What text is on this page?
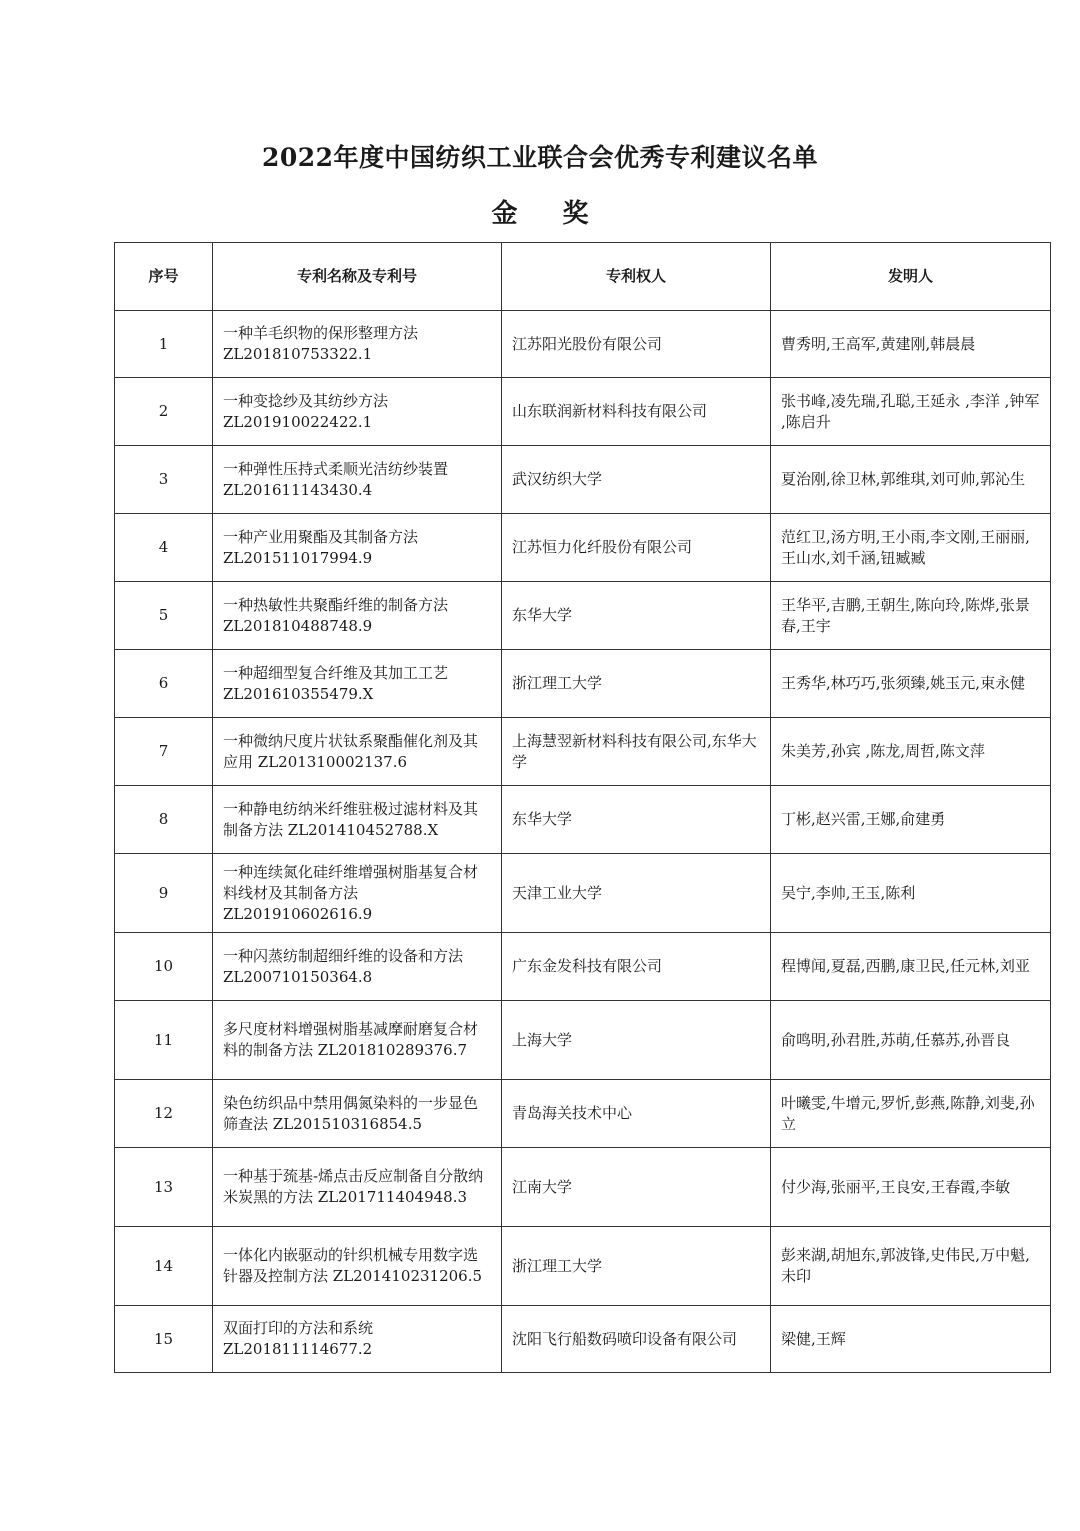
2022年度中国纺织工业联合会优秀专利建议名单
金 奖
序号	专利名称及专利号	专利权人	发明人
1	一种羊毛织物的保形整理方法 ZL201810753322.1	江苏阳光股份有限公司	曹秀明,王高军,黄建刚,韩晨晨
2	一种变捻纱及其纺纱方法 ZL201910022422.1	山东联润新材料科技有限公司	张书峰,凌先瑞,孔聪,王延永 ,李洋 ,钟军 ,陈启升
3	一种弹性压持式柔顺光洁纺纱装置 ZL201611143430.4	武汉纺织大学	夏治刚,徐卫林,郭维琪,刘可帅,郭沁生
4	一种产业用聚酯及其制备方法 ZL201511017994.9	江苏恒力化纤股份有限公司	范红卫,汤方明,王小雨,李文刚,王丽丽,王山水,刘千涵,钮臧臧
5	一种热敏性共聚酯纤维的制备方法 ZL201810488748.9	东华大学	王华平,吉鹏,王朝生,陈向玲,陈烨,张景春,王宇
6	一种超细型复合纤维及其加工工艺 ZL201610355479.X	浙江理工大学	王秀华,林巧巧,张须臻,姚玉元,束永健
7	一种微纳尺度片状钛系聚酯催化剂及其应用 ZL201310002137.6	上海慧翌新材料科技有限公司,东华大学	朱美芳,孙宾 ,陈龙,周哲,陈文萍
8	一种静电纺纳米纤维驻极过滤材料及其制备方法 ZL201410452788.X	东华大学	丁彬,赵兴雷,王娜,俞建勇
9	一种连续氮化硅纤维增强树脂基复合材料线材及其制备方法 ZL201910602616.9	天津工业大学	吴宁,李帅,王玉,陈利
10	一种闪蒸纺制超细纤维的设备和方法 ZL200710150364.8	广东金发科技有限公司	程博闻,夏磊,西鹏,康卫民,任元林,刘亚
11	多尺度材料增强树脂基减摩耐磨复合材料的制备方法 ZL201810289376.7	上海大学	俞鸣明,孙君胜,苏萌,任慕苏,孙晋良
12	染色纺织品中禁用偶氮染料的一步显色筛查法 ZL201510316854.5	青岛海关技术中心	叶曦雯,牛增元,罗忻,彭燕,陈静,刘斐,孙立
13	一种基于巯基-烯点击反应制备自分散纳米炭黑的方法 ZL201711404948.3	江南大学	付少海,张丽平,王良安,王春霞,李敏
14	一体化内嵌驱动的针织机械专用数字选针器及控制方法 ZL201410231206.5	浙江理工大学	彭来湖,胡旭东,郭波锋,史伟民,万中魁,未印
15	双面打印的方法和系统 ZL201811114677.2	沈阳飞行船数码喷印设备有限公司	梁健,王辉
